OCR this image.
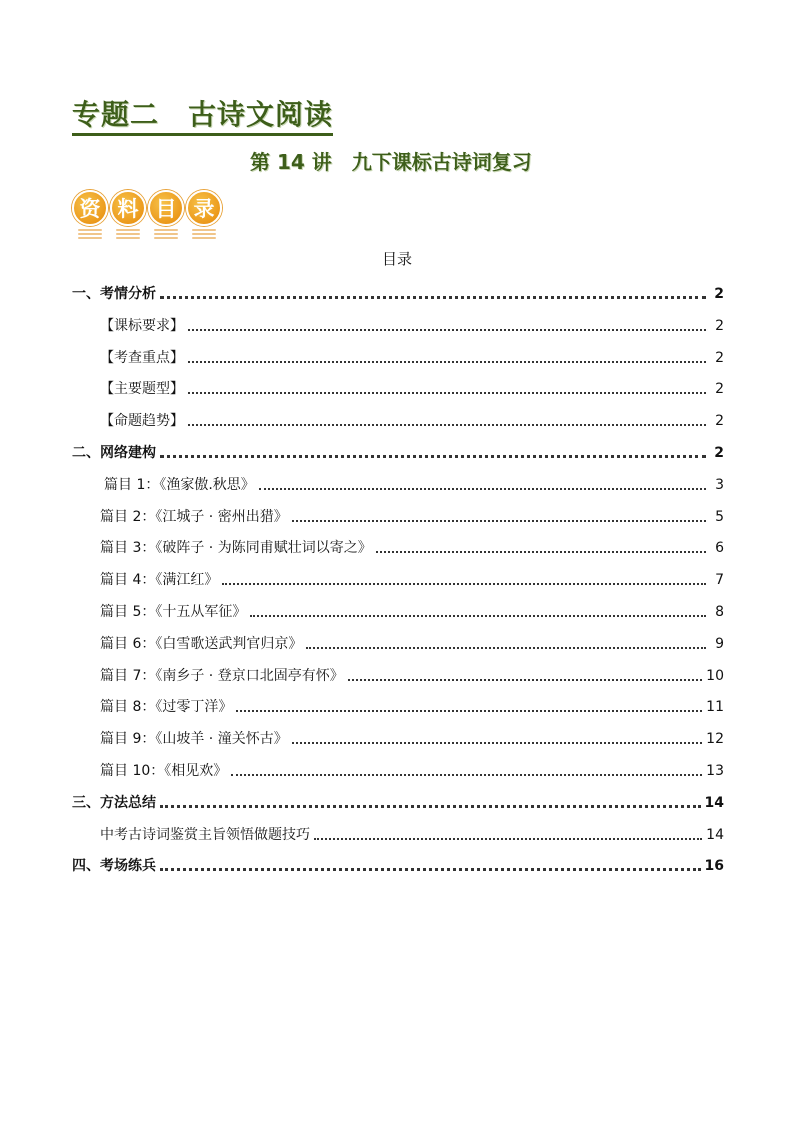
专题二　古诗文阅读
第 14 讲　九下课标古诗词复习
资 料 目 录
目录
一、考情分析	2
【课标要求】	2
【考查重点】	2
【主要题型】	2
【命题趋势】	2
二、网络建构	2
篇目 1：《渔家傲.秋思》	3
篇目 2：《江城子 · 密州出猎》	5
篇目 3：《破阵子 · 为陈同甫赋壮词以寄之》	6
篇目 4：《满江红》	7
篇目 5：《十五从军征》	8
篇目 6：《白雪歌送武判官归京》	9
篇目 7：《南乡子 · 登京口北固亭有怀》	10
篇目 8：《过零丁洋》	11
篇目 9：《山坡羊 · 潼关怀古》	12
篇目 10：《相见欢》	13
三、方法总结	14
中考古诗词鉴赏主旨领悟做题技巧	14
四、考场练兵	16
